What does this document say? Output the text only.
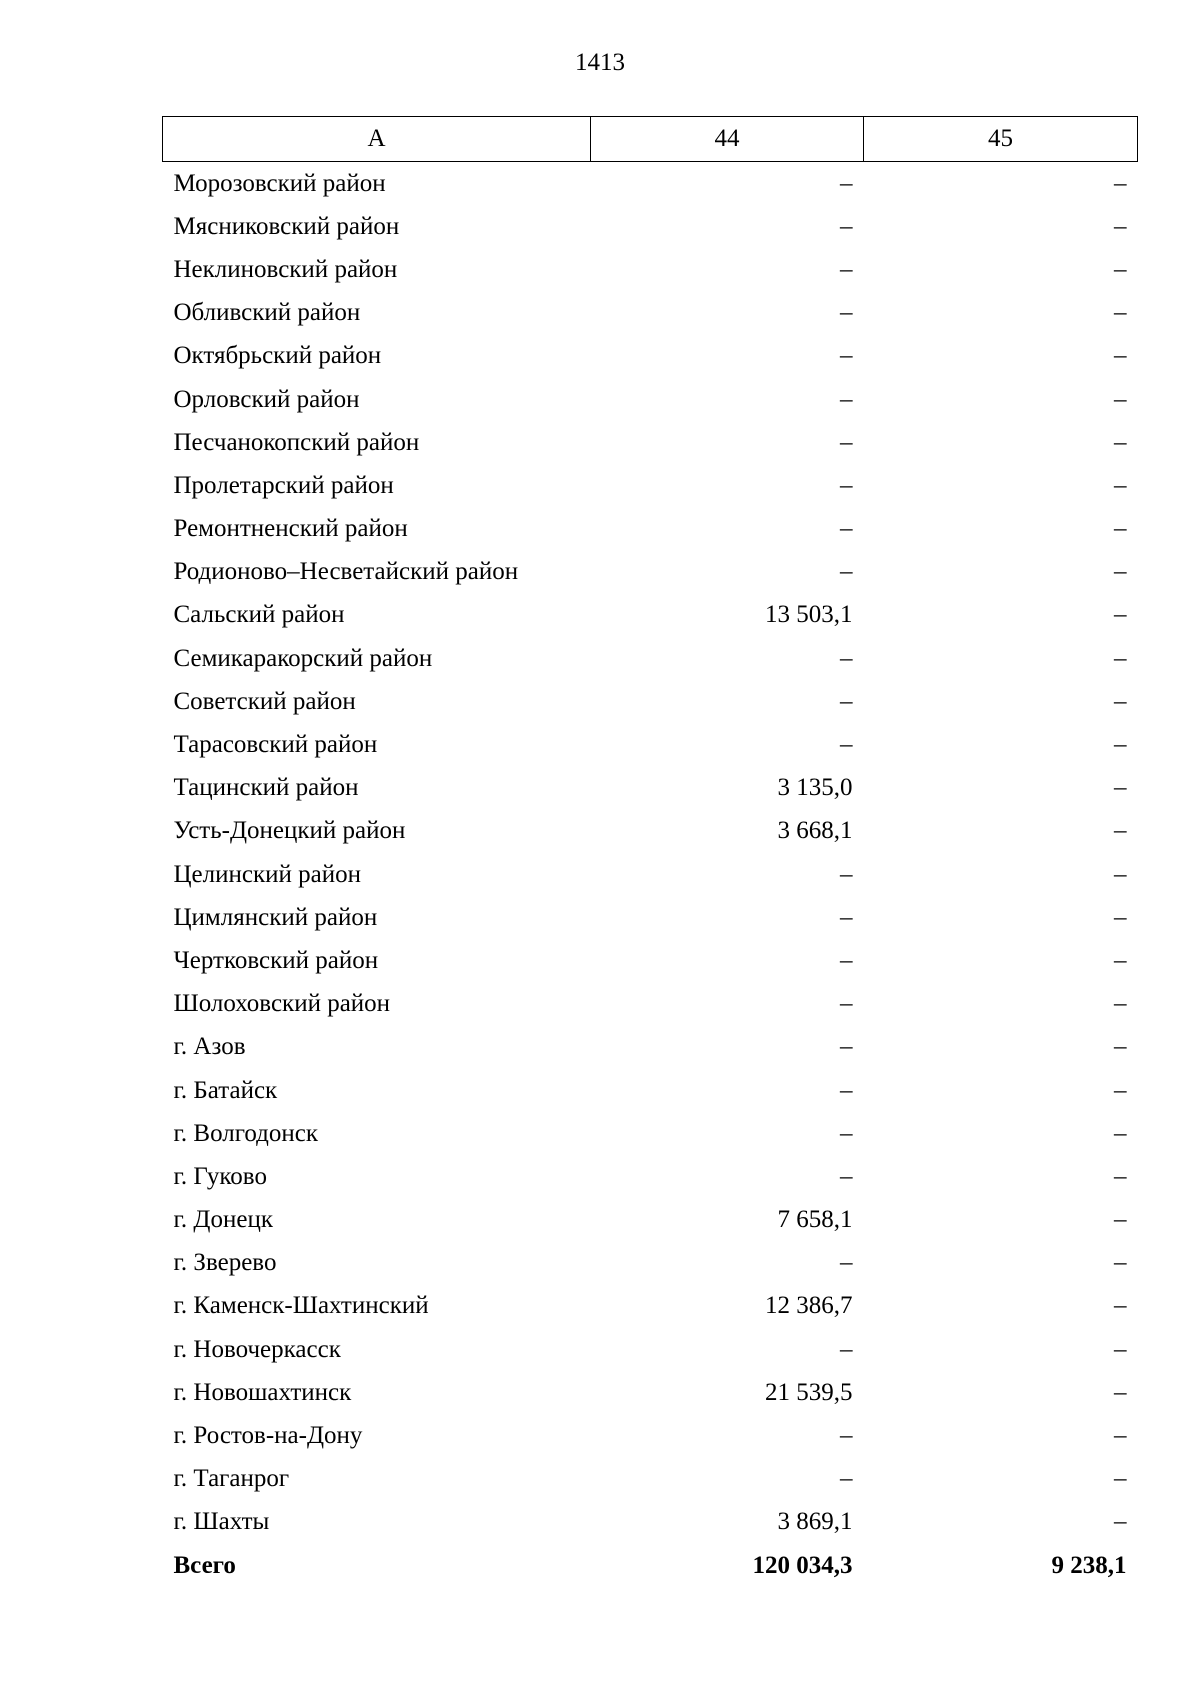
1413
А	44	45
Морозовский район	–	–
Мясниковский район	–	–
Неклиновский район	–	–
Обливский район	–	–
Октябрьский район	–	–
Орловский район	–	–
Песчанокопский район	–	–
Пролетарский район	–	–
Ремонтненский район	–	–
Родионово–Несветайский район	–	–
Сальский район	13 503,1	–
Семикаракорский район	–	–
Советский район	–	–
Тарасовский район	–	–
Тацинский район	3 135,0	–
Усть-Донецкий район	3 668,1	–
Целинский район	–	–
Цимлянский район	–	–
Чертковский район	–	–
Шолоховский район	–	–
г. Азов	–	–
г. Батайск	–	–
г. Волгодонск	–	–
г. Гуково	–	–
г. Донецк	7 658,1	–
г. Зверево	–	–
г. Каменск-Шахтинский	12 386,7	–
г. Новочеркасск	–	–
г. Новошахтинск	21 539,5	–
г. Ростов-на-Дону	–	–
г. Таганрог	–	–
г. Шахты	3 869,1	–
Всего	120 034,3	9 238,1
